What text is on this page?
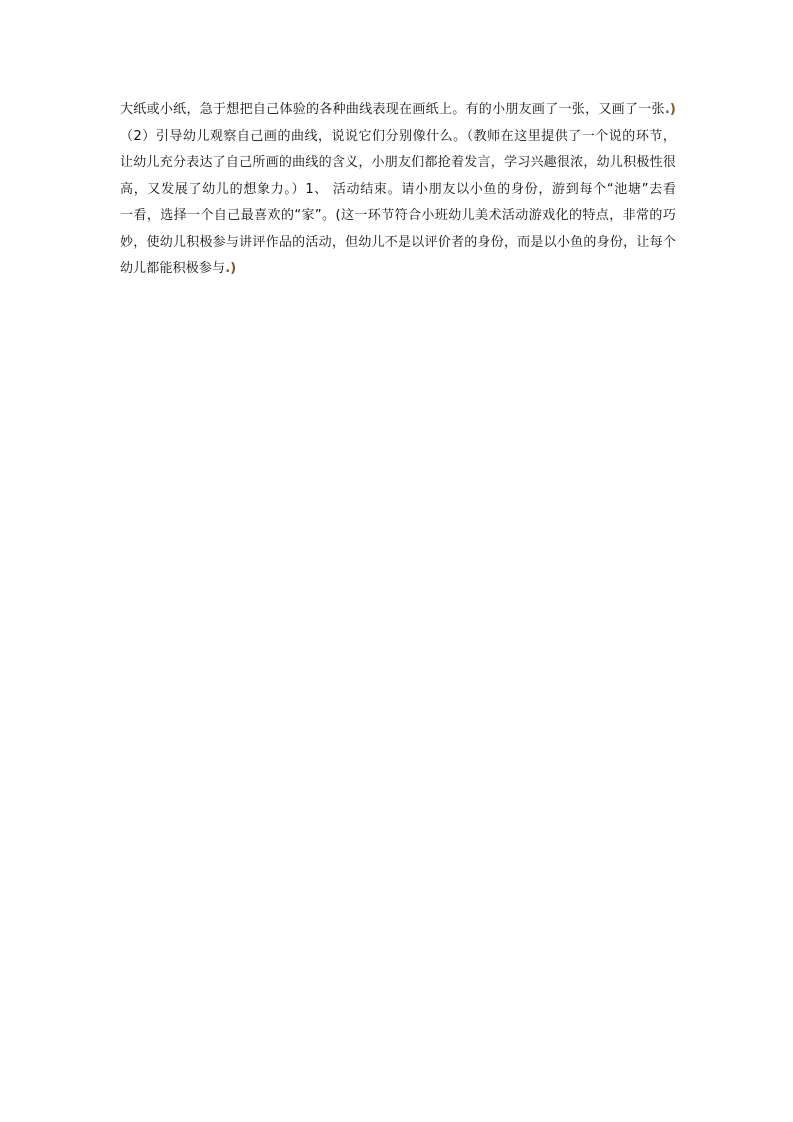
大纸或小纸，急于想把自己体验的各种曲线表现在画纸上。有的小朋友画了一张，又画了一张.)
（2）引导幼儿观察自己画的曲线，说说它们分别像什么。（教师在这里提供了一个说的环节，
让幼儿充分表达了自己所画的曲线的含义，小朋友们都抢着发言，学习兴趣很浓，幼儿积极性很
高，又发展了幼儿的想象力。）1、 活动结束。请小朋友以小鱼的身份，游到每个“池塘”去看
一看，选择一个自己最喜欢的“家”。(这一环节符合小班幼儿美术活动游戏化的特点，非常的巧
妙，使幼儿积极参与讲评作品的活动，但幼儿不是以评价者的身份，而是以小鱼的身份，让每个
幼儿都能积极参与.)
